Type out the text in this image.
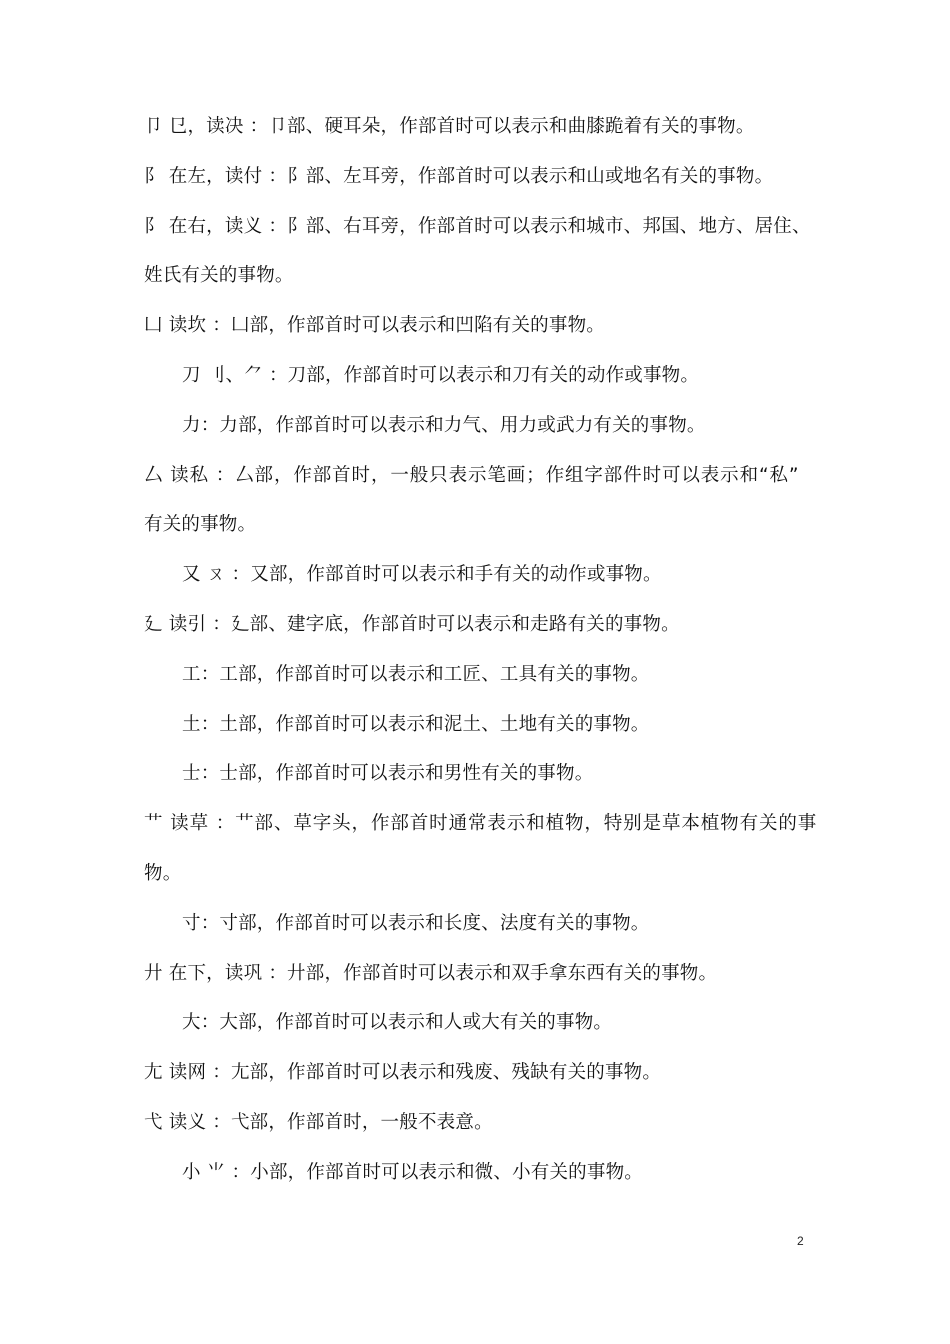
卩 㔾，读决 ：卩部、硬耳朵，作部首时可以表示和曲膝跪着有关的事物。
阝 在左，读付 ：阝部、左耳旁，作部首时可以表示和山或地名有关的事物。
阝 在右，读义 ：阝部、右耳旁，作部首时可以表示和城市、邦国、地方、居住、
姓氏有关的事物。
凵 读坎 ：凵部，作部首时可以表示和凹陷有关的事物。
刀 刂、⺈ ：刀部，作部首时可以表示和刀有关的动作或事物。
力：力部，作部首时可以表示和力气、用力或武力有关的事物。
厶 读私 ：厶部，作部首时，一般只表示笔画；作组字部件时可以表示和“私”
有关的事物。
又 ㄡ ：又部，作部首时可以表示和手有关的动作或事物。
廴 读引 ：廴部、建字底，作部首时可以表示和走路有关的事物。
工：工部，作部首时可以表示和工匠、工具有关的事物。
土：土部，作部首时可以表示和泥土、土地有关的事物。
士：士部，作部首时可以表示和男性有关的事物。
艹 读草 ：艹部、草字头，作部首时通常表示和植物，特别是草本植物有关的事
物。
寸：寸部，作部首时可以表示和长度、法度有关的事物。
廾 在下，读巩 ：廾部，作部首时可以表示和双手拿东西有关的事物。
大：大部，作部首时可以表示和人或大有关的事物。
尢 读网 ：尢部，作部首时可以表示和残废、残缺有关的事物。
弋 读义 ：弋部，作部首时，一般不表意。
小 ⺌ ：小部，作部首时可以表示和微、小有关的事物。
2
